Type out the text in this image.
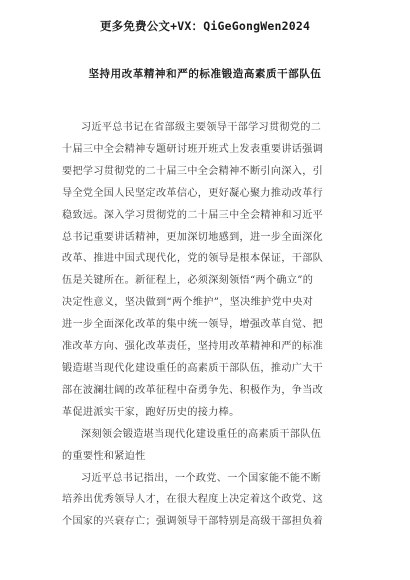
更多免费公文+VX：QiGeGongWen2024
坚持用改革精神和严的标准锻造高素质干部队伍
习近平总书记在省部级主要领导干部学习贯彻党的二
十届三中全会精神专题研讨班开班式上发表重要讲话强调
要把学习贯彻党的二十届三中全会精神不断引向深入，引
导全党全国人民坚定改革信心，更好凝心聚力推动改革行
稳致远。深入学习贯彻党的二十届三中全会精神和习近平
总书记重要讲话精神，更加深切地感到，进一步全面深化
改革、推进中国式现代化，党的领导是根本保证，干部队
伍是关键所在。新征程上，必须深刻领悟“两个确立”的
决定性意义，坚决做到“两个维护”，坚决维护党中央对
进一步全面深化改革的集中统一领导，增强改革自觉、把
准改革方向、强化改革责任，坚持用改革精神和严的标准
锻造堪当现代化建设重任的高素质干部队伍，推动广大干
部在波澜壮阔的改革征程中奋勇争先、积极作为，争当改
革促进派实干家，跑好历史的接力棒。
深刻领会锻造堪当现代化建设重任的高素质干部队伍
的重要性和紧迫性
习近平总书记指出，一个政党、一个国家能不能不断
培养出优秀领导人才，在很大程度上决定着这个政党、这
个国家的兴衰存亡；强调领导干部特别是高级干部担负着
